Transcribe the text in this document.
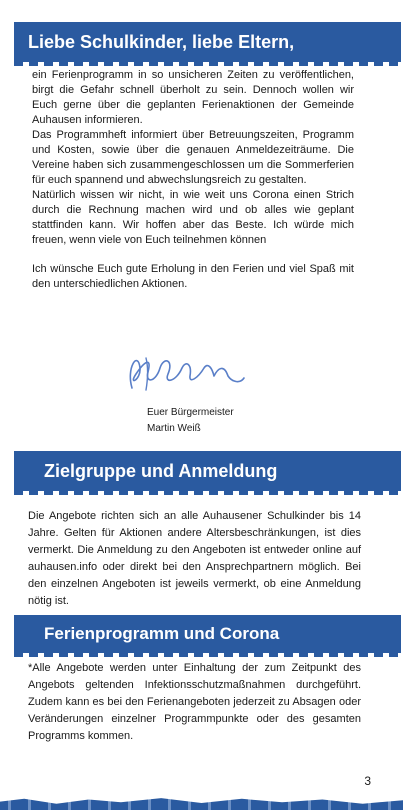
Liebe Schulkinder, liebe Eltern,

ein Ferienprogramm in so unsicheren Zeiten zu veröffentlichen, birgt die Gefahr schnell überholt zu sein. Dennoch wollen wir Euch gerne über die geplanten Ferienaktionen der Gemeinde Auhausen informieren.

Das Programmheft informiert über Betreuungszeiten, Programm und Kosten, sowie über die genauen Anmeldezeiträume. Die Vereine haben sich zusammengeschlossen um die Sommerferien für euch spannend und abwechslungsreich zu gestalten.

Natürlich wissen wir nicht, in wie weit uns Corona einen Strich durch die Rechnung machen wird und ob alles wie geplant stattfinden kann. Wir hoffen aber das Beste. Ich würde mich freuen, wenn viele von Euch teilnehmen können

Ich wünsche Euch gute Erholung in den Ferien und viel Spaß mit den unterschiedlichen Aktionen.

Euer Bürgermeister
Martin Weiß
Zielgruppe und Anmeldung
Die Angebote richten sich an alle Auhausener Schulkinder bis 14 Jahre. Gelten für Aktionen andere Altersbeschränkungen, ist dies vermerkt. Die Anmeldung zu den Angeboten ist entweder online auf auhausen.info oder direkt bei den Ansprechpartnern möglich. Bei den einzelnen Angeboten ist jeweils vermerkt, ob eine Anmeldung nötig ist.
Ferienprogramm und Corona
*Alle Angebote werden unter Einhaltung der zum Zeitpunkt des Angebots geltenden Infektionsschutzmaßnahmen durchgeführt. Zudem kann es bei den Ferienangeboten jederzeit zu Absagen oder Veränderungen einzelner Programmpunkte oder des gesamten Programms kommen.
3
